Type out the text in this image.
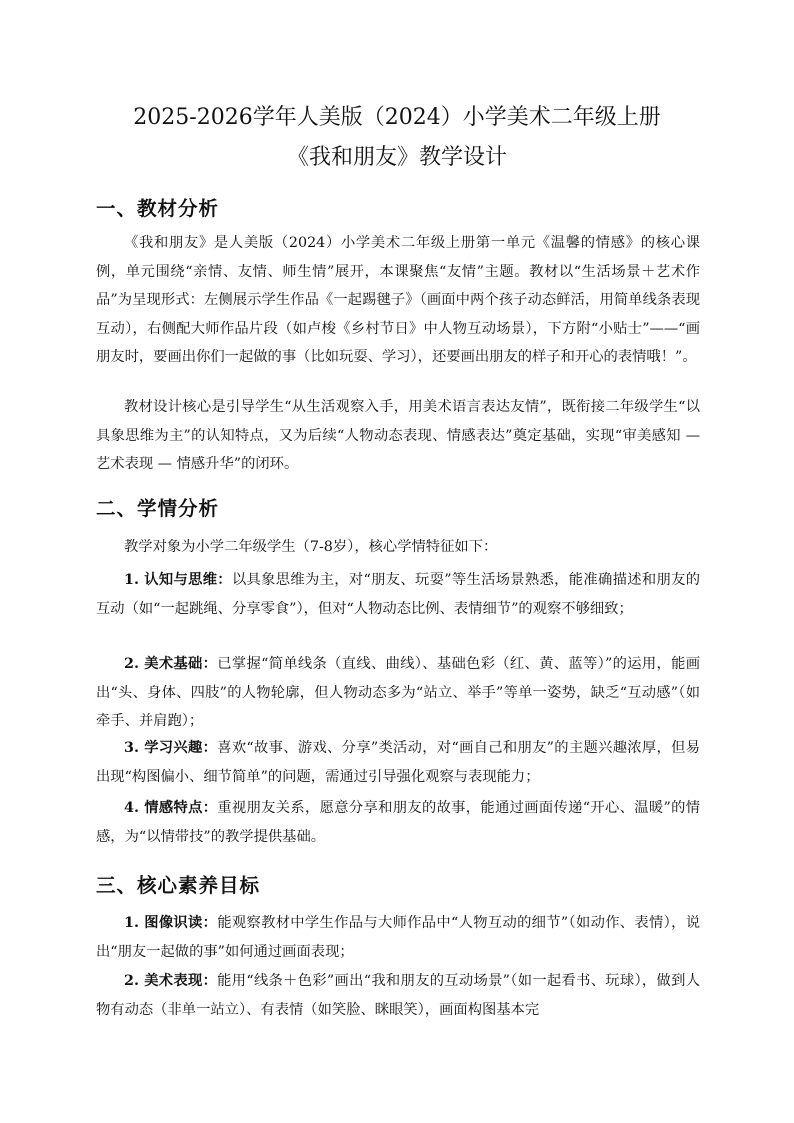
2025-2026学年人美版（2024）小学美术二年级上册
《我和朋友》教学设计
一、教材分析

《我和朋友》是人美版（2024）小学美术二年级上册第一单元《温馨的情感》的核心课例，单元围绕“亲情、友情、师生情”展开，本课聚焦“友情”主题。教材以“生活场景＋艺术作品”为呈现形式：左侧展示学生作品《一起踢毽子》（画面中两个孩子动态鲜活，用简单线条表现互动），右侧配大师作品片段（如卢梭《乡村节日》中人物互动场景），下方附“小贴士”——“画朋友时，要画出你们一起做的事（比如玩耍、学习），还要画出朋友的样子和开心的表情哦！”。

教材设计核心是引导学生“从生活观察入手，用美术语言表达友情”，既衔接二年级学生“以具象思维为主”的认知特点，又为后续“人物动态表现、情感表达”奠定基础，实现“审美感知 — 艺术表现 — 情感升华”的闭环。

二、学情分析

教学对象为小学二年级学生（7-8岁），核心学情特征如下：

1. 认知与思维：以具象思维为主，对“朋友、玩耍”等生活场景熟悉，能准确描述和朋友的互动（如“一起跳绳、分享零食”），但对“人物动态比例、表情细节”的观察不够细致；

2. 美术基础：已掌握“简单线条（直线、曲线）、基础色彩（红、黄、蓝等）”的运用，能画出“头、身体、四肢”的人物轮廓，但人物动态多为“站立、举手”等单一姿势，缺乏“互动感”（如牵手、并肩跑）；

3. 学习兴趣：喜欢“故事、游戏、分享”类活动，对“画自己和朋友”的主题兴趣浓厚，但易出现“构图偏小、细节简单”的问题，需通过引导强化观察与表现能力；

4. 情感特点：重视朋友关系，愿意分享和朋友的故事，能通过画面传递“开心、温暖”的情感，为“以情带技”的教学提供基础。

三、核心素养目标

1. 图像识读：能观察教材中学生作品与大师作品中“人物互动的细节”（如动作、表情），说出“朋友一起做的事”如何通过画面表现；

2. 美术表现：能用“线条＋色彩”画出“我和朋友的互动场景”（如一起看书、玩球），做到人物有动态（非单一站立）、有表情（如笑脸、眯眼笑），画面构图基本完
